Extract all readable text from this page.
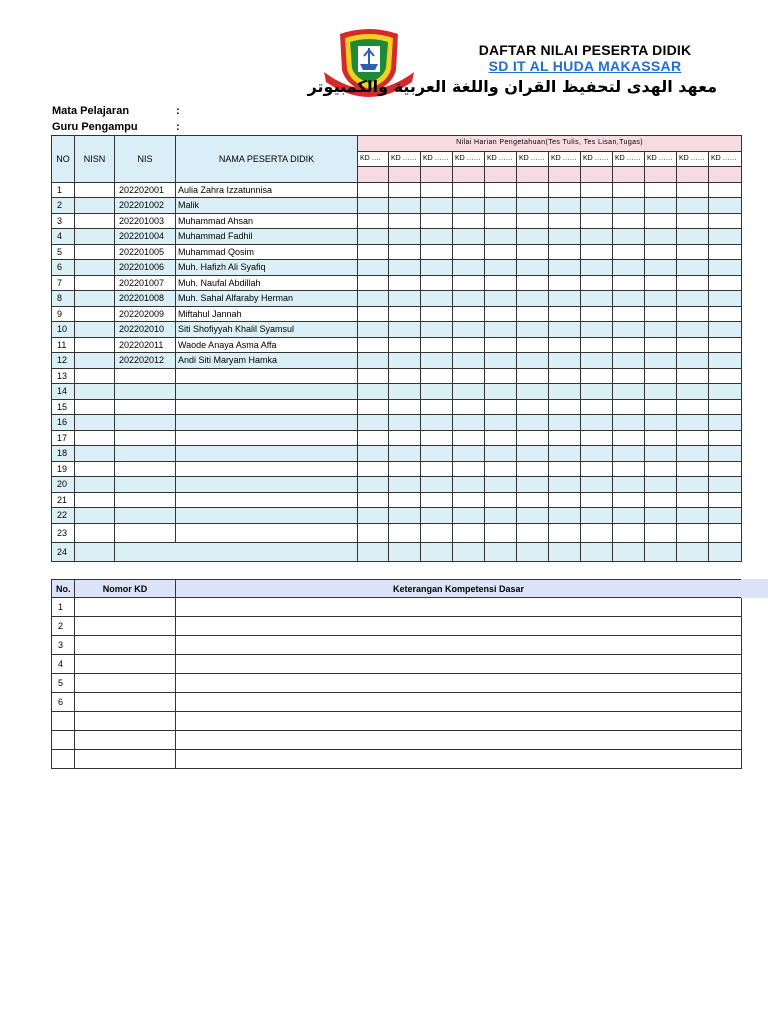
DAFTAR NILAI PESERTA DIDIK
SD IT AL HUDA MAKASSAR
معهد الهدى لتحفيظ القران واللغة العربية والكمبيوتر
Mata Pelajaran	:
Guru Pengampu	:
NO	NISN	NIS	NAMA PESERTA DIDIK	Nilai Harian Pengetahuan(Tes Tulis, Tes Lisan,Tugas)											
				KD ….	KD ……	KD ……	KD ……	KD ……	KD ……	KD ……	KD ……	KD ……	KD ……	KD ……	KD ……

1		202202001	Aulia Zahra Izzatunnisa												
2		202201002	Malik												
3		202201003	Muhammad Ahsan												
4		202201004	Muhammad Fadhil												
5		202201005	Muhammad Qosim												
6		202201006	Muh. Hafizh Ali Syafiq												
7		202201007	Muh. Naufal Abdillah												
8		202201008	Muh. Sahal Alfaraby Herman												
9		202202009	Miftahul Jannah												
10		202202010	Siti Shofiyyah Khalil Syamsul												
11		202202011	Waode Anaya Asma Affa												
12		202202012	Andi Siti Maryam Hamka												
13															
14															
15															
16															
17															
18															
19															
20															
21															
22															
23															
24															
No.	Nomor KD	Keterangan Kompetensi Dasar
1		
2		
3		
4		
5		
6		
